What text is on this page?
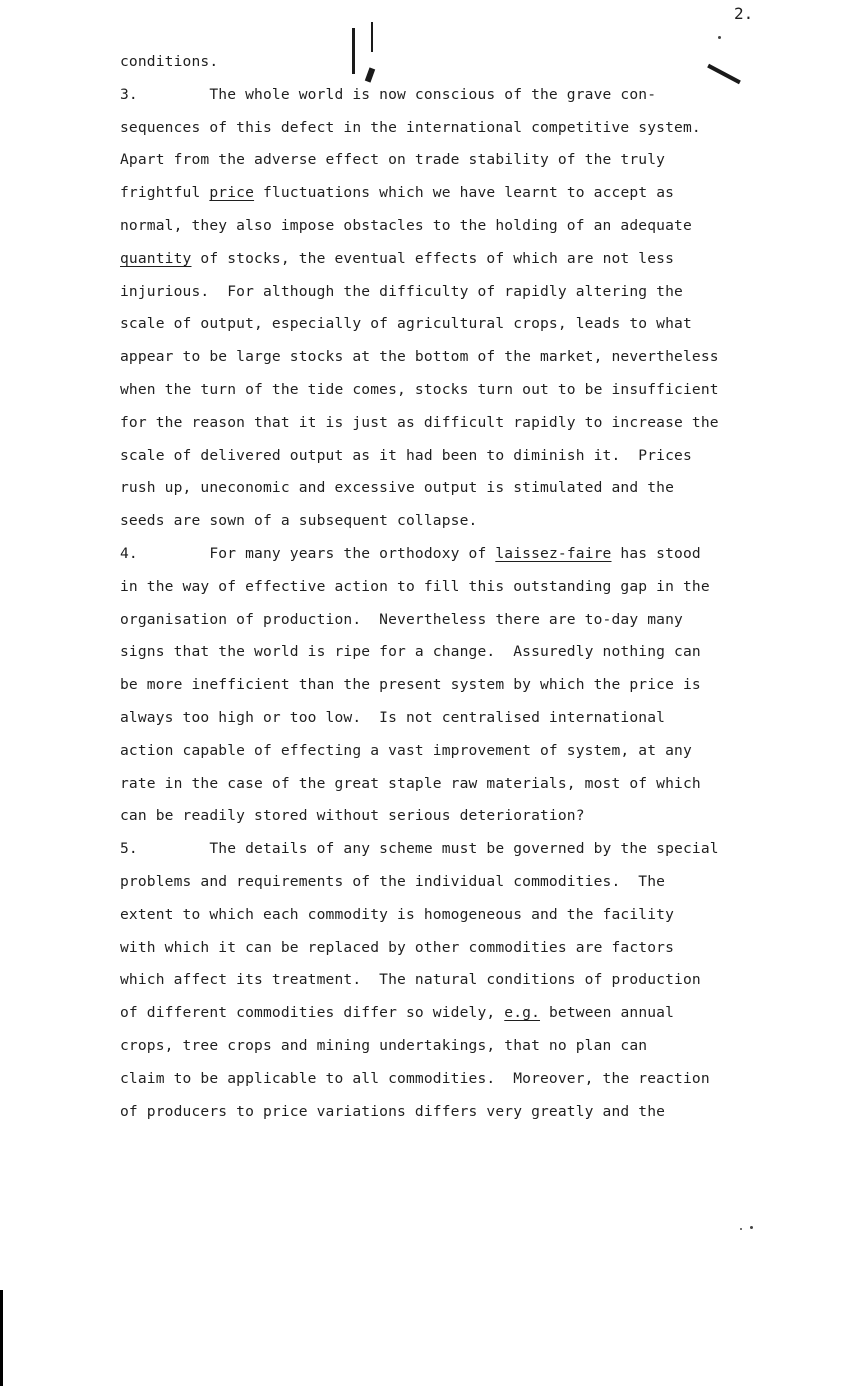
2.
conditions.
3.        The whole world is now conscious of the grave con-
sequences of this defect in the international competitive system.
Apart from the adverse effect on trade stability of the truly
frightful price fluctuations which we have learnt to accept as
normal, they also impose obstacles to the holding of an adequate
quantity of stocks, the eventual effects of which are not less
injurious.  For although the difficulty of rapidly altering the
scale of output, especially of agricultural crops, leads to what
appear to be large stocks at the bottom of the market, nevertheless
when the turn of the tide comes, stocks turn out to be insufficient
for the reason that it is just as difficult rapidly to increase the
scale of delivered output as it had been to diminish it.  Prices
rush up, uneconomic and excessive output is stimulated and the
seeds are sown of a subsequent collapse.
4.        For many years the orthodoxy of laissez-faire has stood
in the way of effective action to fill this outstanding gap in the
organisation of production.  Nevertheless there are to-day many
signs that the world is ripe for a change.  Assuredly nothing can
be more inefficient than the present system by which the price is
always too high or too low.  Is not centralised international
action capable of effecting a vast improvement of system, at any
rate in the case of the great staple raw materials, most of which
can be readily stored without serious deterioration?
5.        The details of any scheme must be governed by the special
problems and requirements of the individual commodities.  The
extent to which each commodity is homogeneous and the facility
with which it can be replaced by other commodities are factors
which affect its treatment.  The natural conditions of production
of different commodities differ so widely, e.g. between annual
crops, tree crops and mining undertakings, that no plan can
claim to be applicable to all commodities.  Moreover, the reaction
of producers to price variations differs very greatly and the
